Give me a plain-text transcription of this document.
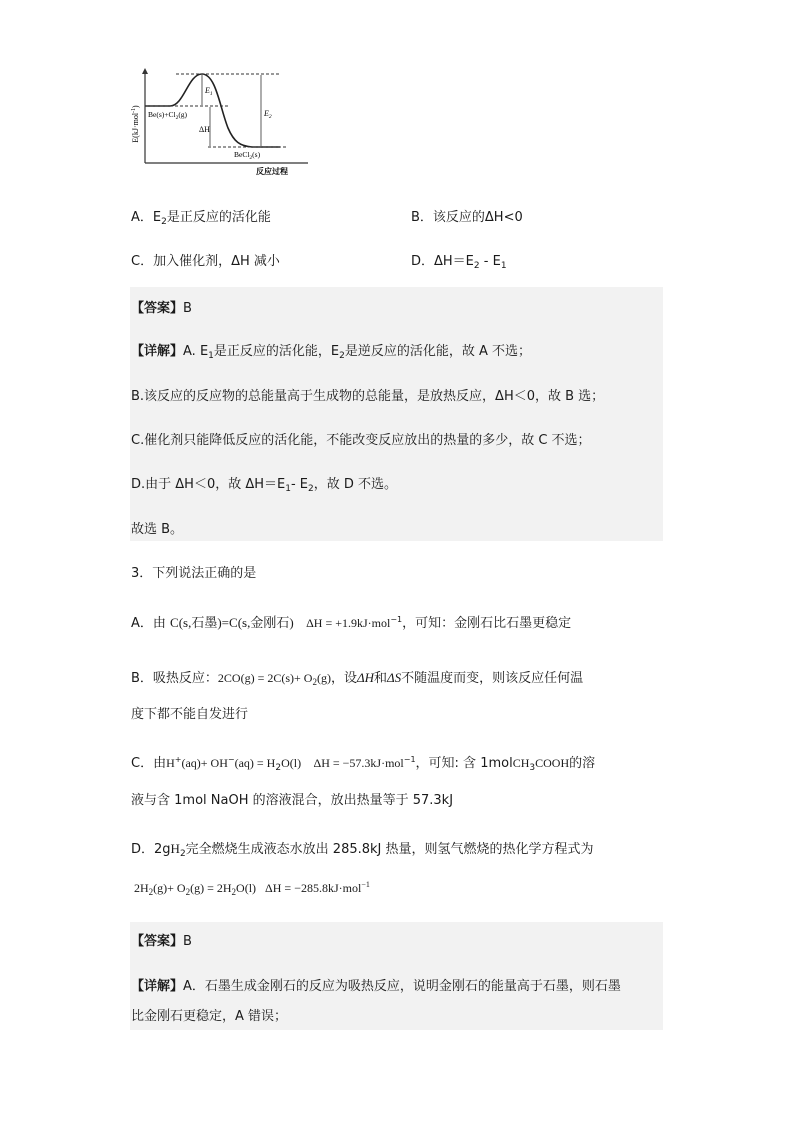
E(kJ·mol$^{-1}$)
$Be(s)+Cl_2(g)$
BeCl$_2$(s)
$E_1$
ΔH
$E_2$
反应过程
A．$E_2$是正反应的活化能	B．该反应的ΔH<0
C．加入催化剂，ΔH 减小	D．$\Delta H=E_2 - E_1$
【答案】B
【详解】A. $E_1$是正反应的活化能，$E_2$是逆反应的活化能，故 A 不选；
B.该反应的反应物的总能量高于生成物的总能量，是放热反应，ΔH＜0，故 B 选；
C.催化剂只能降低反应的活化能，不能改变反应放出的热量的多少，故 C 不选；
D.由于 ΔH＜0，故 $\Delta H=E_1-$ $E_2$，故 D 不选。
故选 B。
3．下列说法正确的是
A．由 C(s,石墨)=C(s,金刚石) ΔH = +1.9kJ·mol$^{-1}$，可知：金刚石比石墨更稳定
B．吸热反应：$2CO(g) = 2C(s)+ O_2(g)$，设ΔH和ΔS不随温度而变，则该反应任何温
度下都不能自发进行
C．由$H^+(aq)+ OH^-(aq) = H_2O(l) \Delta H = -57.3kJ\cdot mol^{-1}$，可知: 含 1molCH$_3$COOH的溶
液与含 1mol NaOH 的溶液混合，放出热量等于 57.3kJ
D．$2gH_2$完全燃烧生成液态水放出 285.8kJ 热量，则氢气燃烧的热化学方程式为
$2H_2(g)+ O_2(g) = 2H_2O(l) \Delta H = -285.8kJ\cdot mol^{-1}$
【答案】B
【详解】A．石墨生成金刚石的反应为吸热反应，说明金刚石的能量高于石墨，则石墨
比金刚石更稳定，A 错误；
